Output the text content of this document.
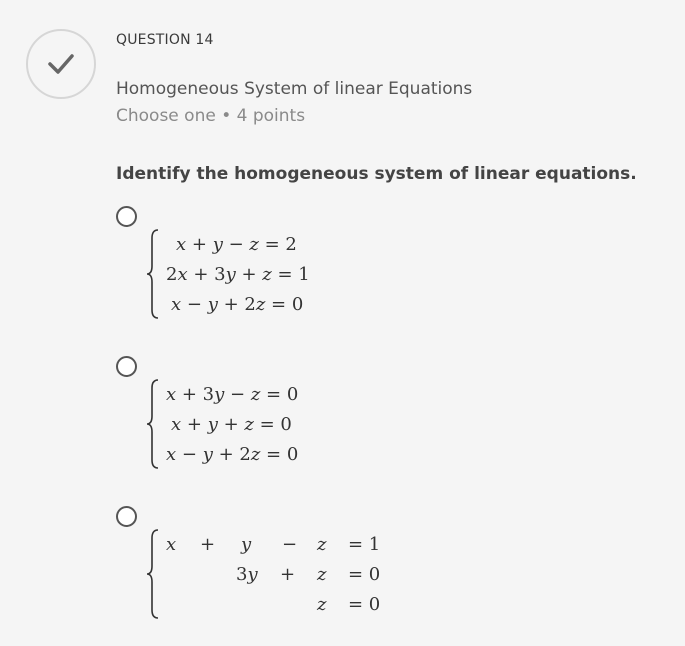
QUESTION 14
Homogeneous System of linear Equations
Choose one • 4 points
Identify the homogeneous system of linear equations.
x + y − z = 2
2x + 3y + z = 1
x − y + 2z = 0
x + 3y − z = 0
x + y + z = 0
x − y + 2z = 0
x + y − z = 1
3y + z = 0
z = 0
